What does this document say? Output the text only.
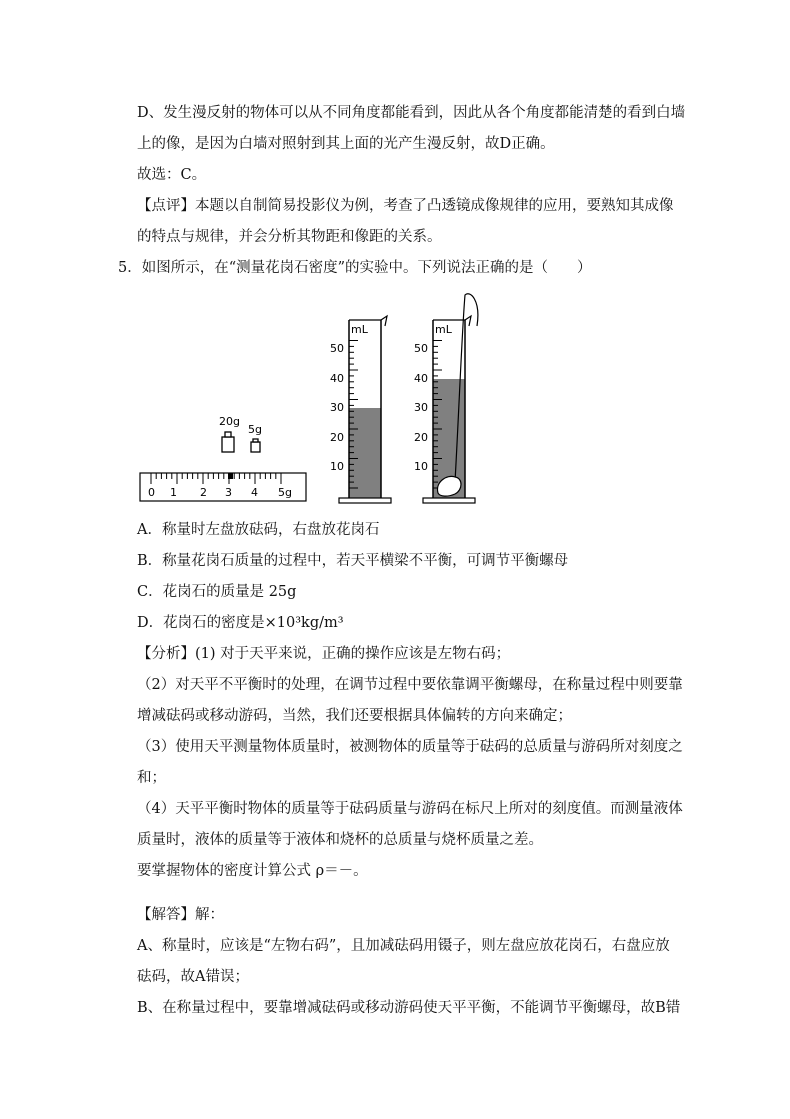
D、发生漫反射的物体可以从不同角度都能看到，因此从各个角度都能清楚的看到白墙
上的像，是因为白墙对照射到其上面的光产生漫反射，故D正确。
故选：C。
【点评】本题以自制简易投影仪为例，考查了凸透镜成像规律的应用，要熟知其成像
的特点与规律，并会分析其物距和像距的关系。
5．如图所示，在“测量花岗石密度”的实验中。下列说法正确的是（　　）
20g
5g
0 1 2 3 4 5g
mL
50
40
30
20
10
mL
50
40
30
20
10
A．称量时左盘放砝码，右盘放花岗石
B．称量花岗石质量的过程中，若天平横梁不平衡，可调节平衡螺母
C．花岗石的质量是 25g
D．花岗石的密度是×10³kg/m³
【分析】(1) 对于天平来说，正确的操作应该是左物右码；
（2）对天平不平衡时的处理，在调节过程中要依靠调平衡螺母，在称量过程中则要靠
增减砝码或移动游码，当然，我们还要根据具体偏转的方向来确定；
（3）使用天平测量物体质量时，被测物体的质量等于砝码的总质量与游码所对刻度之
和；
（4）天平平衡时物体的质量等于砝码质量与游码在标尺上所对的刻度值。而测量液体
质量时，液体的质量等于液体和烧杯的总质量与烧杯质量之差。
要掌握物体的密度计算公式 ρ＝－。
【解答】解：
A、称量时，应该是“左物右码”，且加减砝码用镊子，则左盘应放花岗石，右盘应放
砝码，故A错误；
B、在称量过程中，要靠增减砝码或移动游码使天平平衡，不能调节平衡螺母，故B错
